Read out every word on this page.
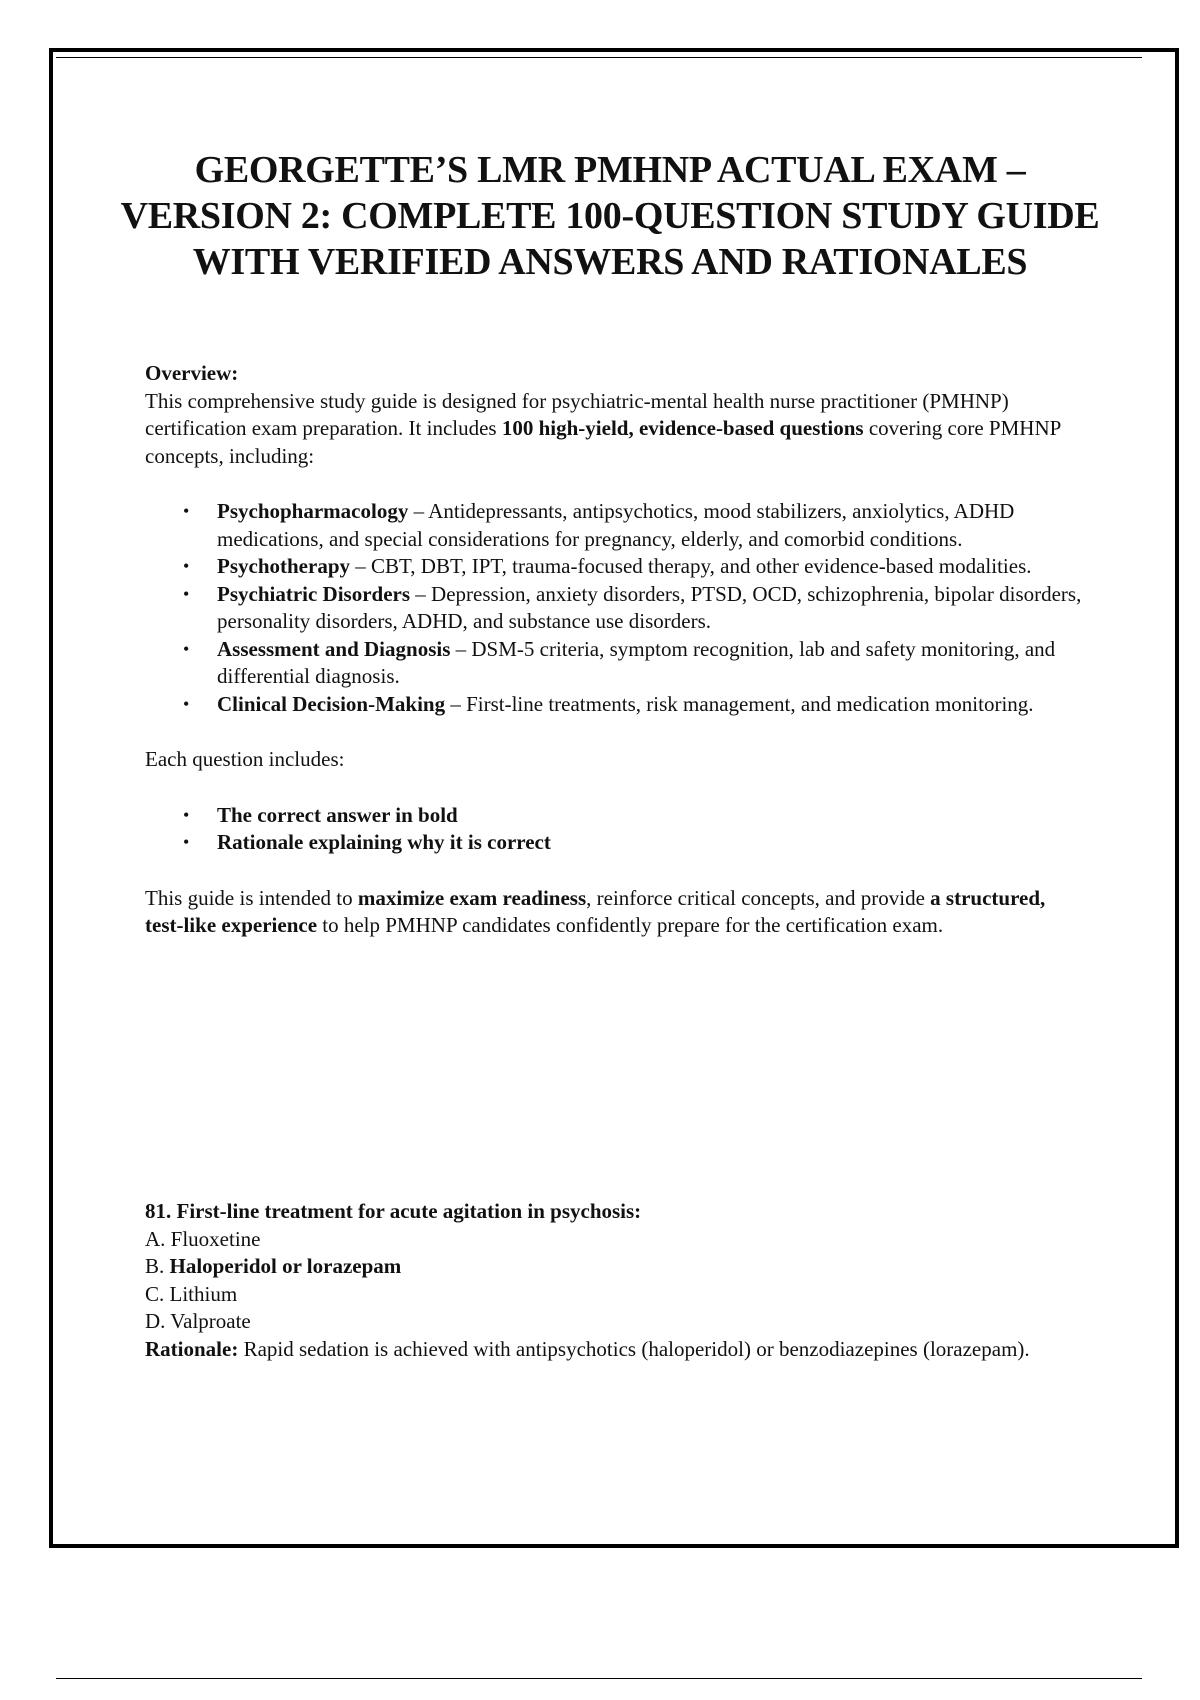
GEORGETTE’S LMR PMHNP ACTUAL EXAM – VERSION 2: COMPLETE 100-QUESTION STUDY GUIDE WITH VERIFIED ANSWERS AND RATIONALES

Overview:
This comprehensive study guide is designed for psychiatric-mental health nurse practitioner (PMHNP) certification exam preparation. It includes 100 high-yield, evidence-based questions covering core PMHNP concepts, including:

• Psychopharmacology – Antidepressants, antipsychotics, mood stabilizers, anxiolytics, ADHD medications, and special considerations for pregnancy, elderly, and comorbid conditions.
• Psychotherapy – CBT, DBT, IPT, trauma-focused therapy, and other evidence-based modalities.
• Psychiatric Disorders – Depression, anxiety disorders, PTSD, OCD, schizophrenia, bipolar disorders, personality disorders, ADHD, and substance use disorders.
• Assessment and Diagnosis – DSM-5 criteria, symptom recognition, lab and safety monitoring, and differential diagnosis.
• Clinical Decision-Making – First-line treatments, risk management, and medication monitoring.

Each question includes:

• The correct answer in bold
• Rationale explaining why it is correct

This guide is intended to maximize exam readiness, reinforce critical concepts, and provide a structured, test-like experience to help PMHNP candidates confidently prepare for the certification exam.

81. First-line treatment for acute agitation in psychosis:

A. Fluoxetine

B. Haloperidol or lorazepam

C. Lithium

D. Valproate

Rationale: Rapid sedation is achieved with antipsychotics (haloperidol) or benzodiazepines (lorazepam).
